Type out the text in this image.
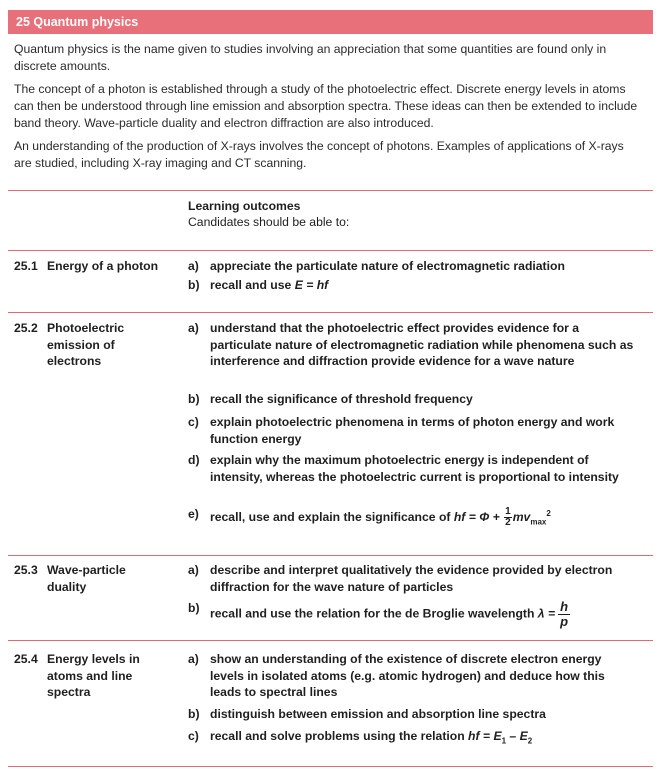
25 Quantum physics
Quantum physics is the name given to studies involving an appreciation that some quantities are found only in discrete amounts.
The concept of a photon is established through a study of the photoelectric effect. Discrete energy levels in atoms can then be understood through line emission and absorption spectra. These ideas can then be extended to include band theory. Wave-particle duality and electron diffraction are also introduced.
An understanding of the production of X-rays involves the concept of photons. Examples of applications of X-rays are studied, including X-ray imaging and CT scanning.
Learning outcomes
Candidates should be able to:
25.1 Energy of a photon	a) appreciate the particulate nature of electromagnetic radiation
b) recall and use E = hf
25.2 Photoelectric emission of electrons
a) understand that the photoelectric effect provides evidence for a particulate nature of electromagnetic radiation while phenomena such as interference and diffraction provide evidence for a wave nature
b) recall the significance of threshold frequency
c) explain photoelectric phenomena in terms of photon energy and work function energy
d) explain why the maximum photoelectric energy is independent of intensity, whereas the photoelectric current is proportional to intensity
e) recall, use and explain the significance of hf = $\Phi + \frac{1}{2} mv_{max}^2$
25.3 Wave-particle duality
a) describe and interpret qualitatively the evidence provided by electron diffraction for the wave nature of particles
b) recall and use the relation for the de Broglie wavelength $\lambda = \frac{h}{p}$
25.4 Energy levels in atoms and line spectra
a) show an understanding of the existence of discrete electron energy levels in isolated atoms (e.g. atomic hydrogen) and deduce how this leads to spectral lines
b) distinguish between emission and absorption line spectra
c) recall and solve problems using the relation hf = $E_1 - E_2$
